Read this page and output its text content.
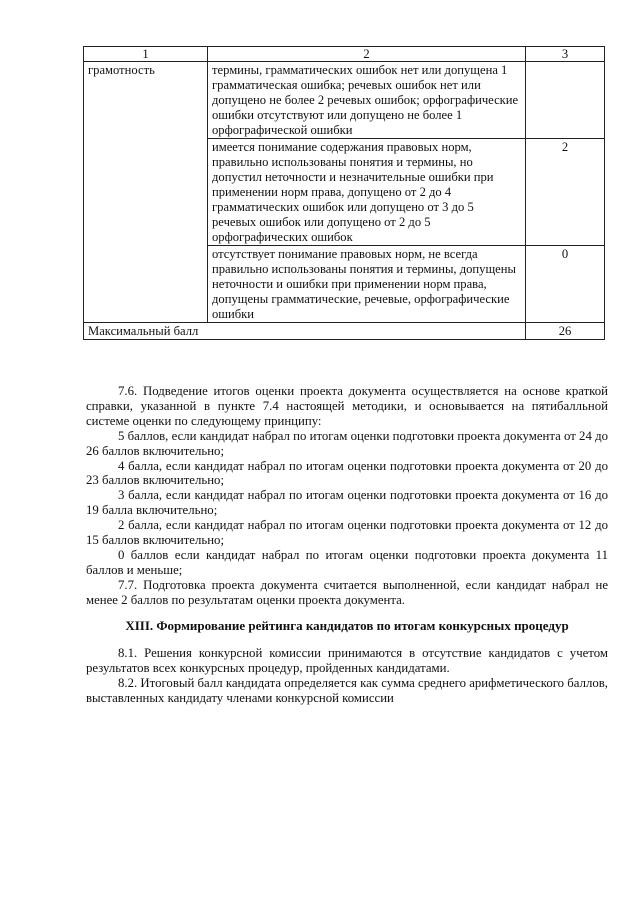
1	2	3
грамотность	термины, грамматических ошибок нет или допущена 1 грамматическая ошибка; речевых ошибок нет или допущено не более 2 речевых ошибок; орфографические ошибки отсутствуют или допущено не более 1 орфографической ошибки	
	имеется понимание содержания правовых норм, правильно использованы понятия и термины, но допустил неточности и незначительные ошибки при применении норм права, допущено от 2 до 4 грамматических ошибок или допущено от 3 до 5 речевых ошибок или допущено от 2 до 5 орфографических ошибок	2
	отсутствует понимание правовых норм, не всегда правильно использованы понятия и термины, допущены неточности и ошибки при применении норм права, допущены грамматические, речевые, орфографические ошибки	0
Максимальный балл		26

7.6. Подведение итогов оценки проекта документа осуществляется на основе краткой справки, указанной в пункте 7.4 настоящей методики, и основывается на пятибалльной системе оценки по следующему принципу:

5 баллов, если кандидат набрал по итогам оценки подготовки проекта документа от 24 до 26 баллов включительно;

4 балла, если кандидат набрал по итогам оценки подготовки проекта документа от 20 до 23 баллов включительно;

3 балла, если кандидат набрал по итогам оценки подготовки проекта документа от 16 до 19 балла включительно;

2 балла, если кандидат набрал по итогам оценки подготовки проекта документа от 12 до 15 баллов включительно;

0 баллов если кандидат набрал по итогам оценки подготовки проекта документа 11 баллов и меньше;

7.7. Подготовка проекта документа считается выполненной, если кандидат набрал не менее 2 баллов по результатам оценки проекта документа.

XIII. Формирование рейтинга кандидатов по итогам конкурсных процедур

8.1. Решения конкурсной комиссии принимаются в отсутствие кандидатов с учетом результатов всех конкурсных процедур, пройденных кандидатами.

8.2. Итоговый балл кандидата определяется как сумма среднего арифметического баллов, выставленных кандидату членами конкурсной комиссии
